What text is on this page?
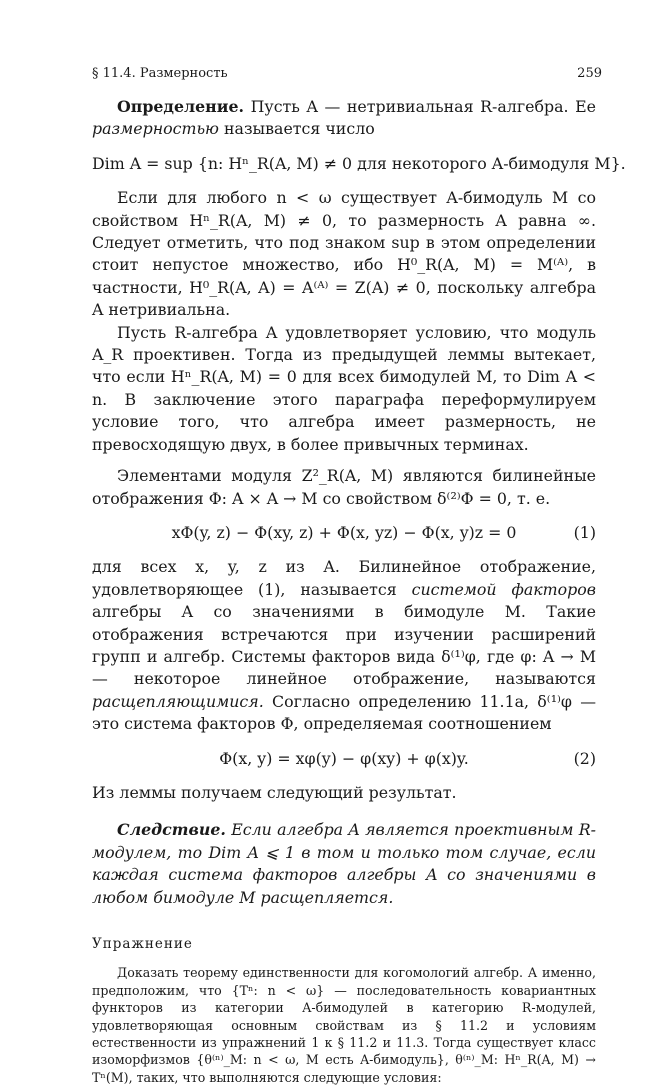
§ 11.4. Размерность	259

Определение. Пусть A — нетривиальная R-алгебра. Ее размерностью называется число

Dim A = sup {n: Hⁿ_R(A, M) ≠ 0 для некоторого A-бимодуля M}.

Если для любого n < ω существует A-бимодуль M со свойством Hⁿ_R(A, M) ≠ 0, то размерность A равна ∞. Следует отметить, что под знаком sup в этом определении стоит непустое множество, ибо H⁰_R(A, M) = M⁽ᴬ⁾, в частности, H⁰_R(A, A) = A⁽ᴬ⁾ = Z(A) ≠ 0, поскольку алгебра A нетривиальна.

Пусть R-алгебра A удовлетворяет условию, что модуль A_R проективен. Тогда из предыдущей леммы вытекает, что если Hⁿ_R(A, M) = 0 для всех бимодулей M, то Dim A < n. В заключение этого параграфа переформулируем условие того, что алгебра имеет размерность, не превосходящую двух, в более привычных терминах.

Элементами модуля Z²_R(A, M) являются билинейные отображения Φ: A × A → M со свойством δ⁽²⁾Φ = 0, т. е.

xΦ(y, z) − Φ(xy, z) + Φ(x, yz) − Φ(x, y)z = 0	(1)

для всех x, y, z из A. Билинейное отображение, удовлетворяющее (1), называется системой факторов алгебры A со значениями в бимодуле M. Такие отображения встречаются при изучении расширений групп и алгебр. Системы факторов вида δ⁽¹⁾φ, где φ: A → M — некоторое линейное отображение, называются расщепляющимися. Согласно определению 11.1a, δ⁽¹⁾φ — это система факторов Φ, определяемая соотношением

Φ(x, y) = xφ(y) − φ(xy) + φ(x)y.	(2)

Из леммы получаем следующий результат.

Следствие. Если алгебра A является проективным R-модулем, то Dim A ⩽ 1 в том и только том случае, если каждая система факторов алгебры A со значениями в любом бимодуле M расщепляется.

Упражнение

Доказать теорему единственности для когомологий алгебр. А именно, предположим, что {Tⁿ: n < ω} — последовательность ковариантных функторов из категории A-бимодулей в категорию R-модулей, удовлетворяющая основным свойствам из § 11.2 и условиям естественности из упражнений 1 к § 11.2 и 11.3. Тогда существует класс изоморфизмов {θ⁽ⁿ⁾_M: n < ω, M есть A-бимодуль}, θ⁽ⁿ⁾_M: Hⁿ_R(A, M) → Tⁿ(M), таких, что выполняются следующие условия:
